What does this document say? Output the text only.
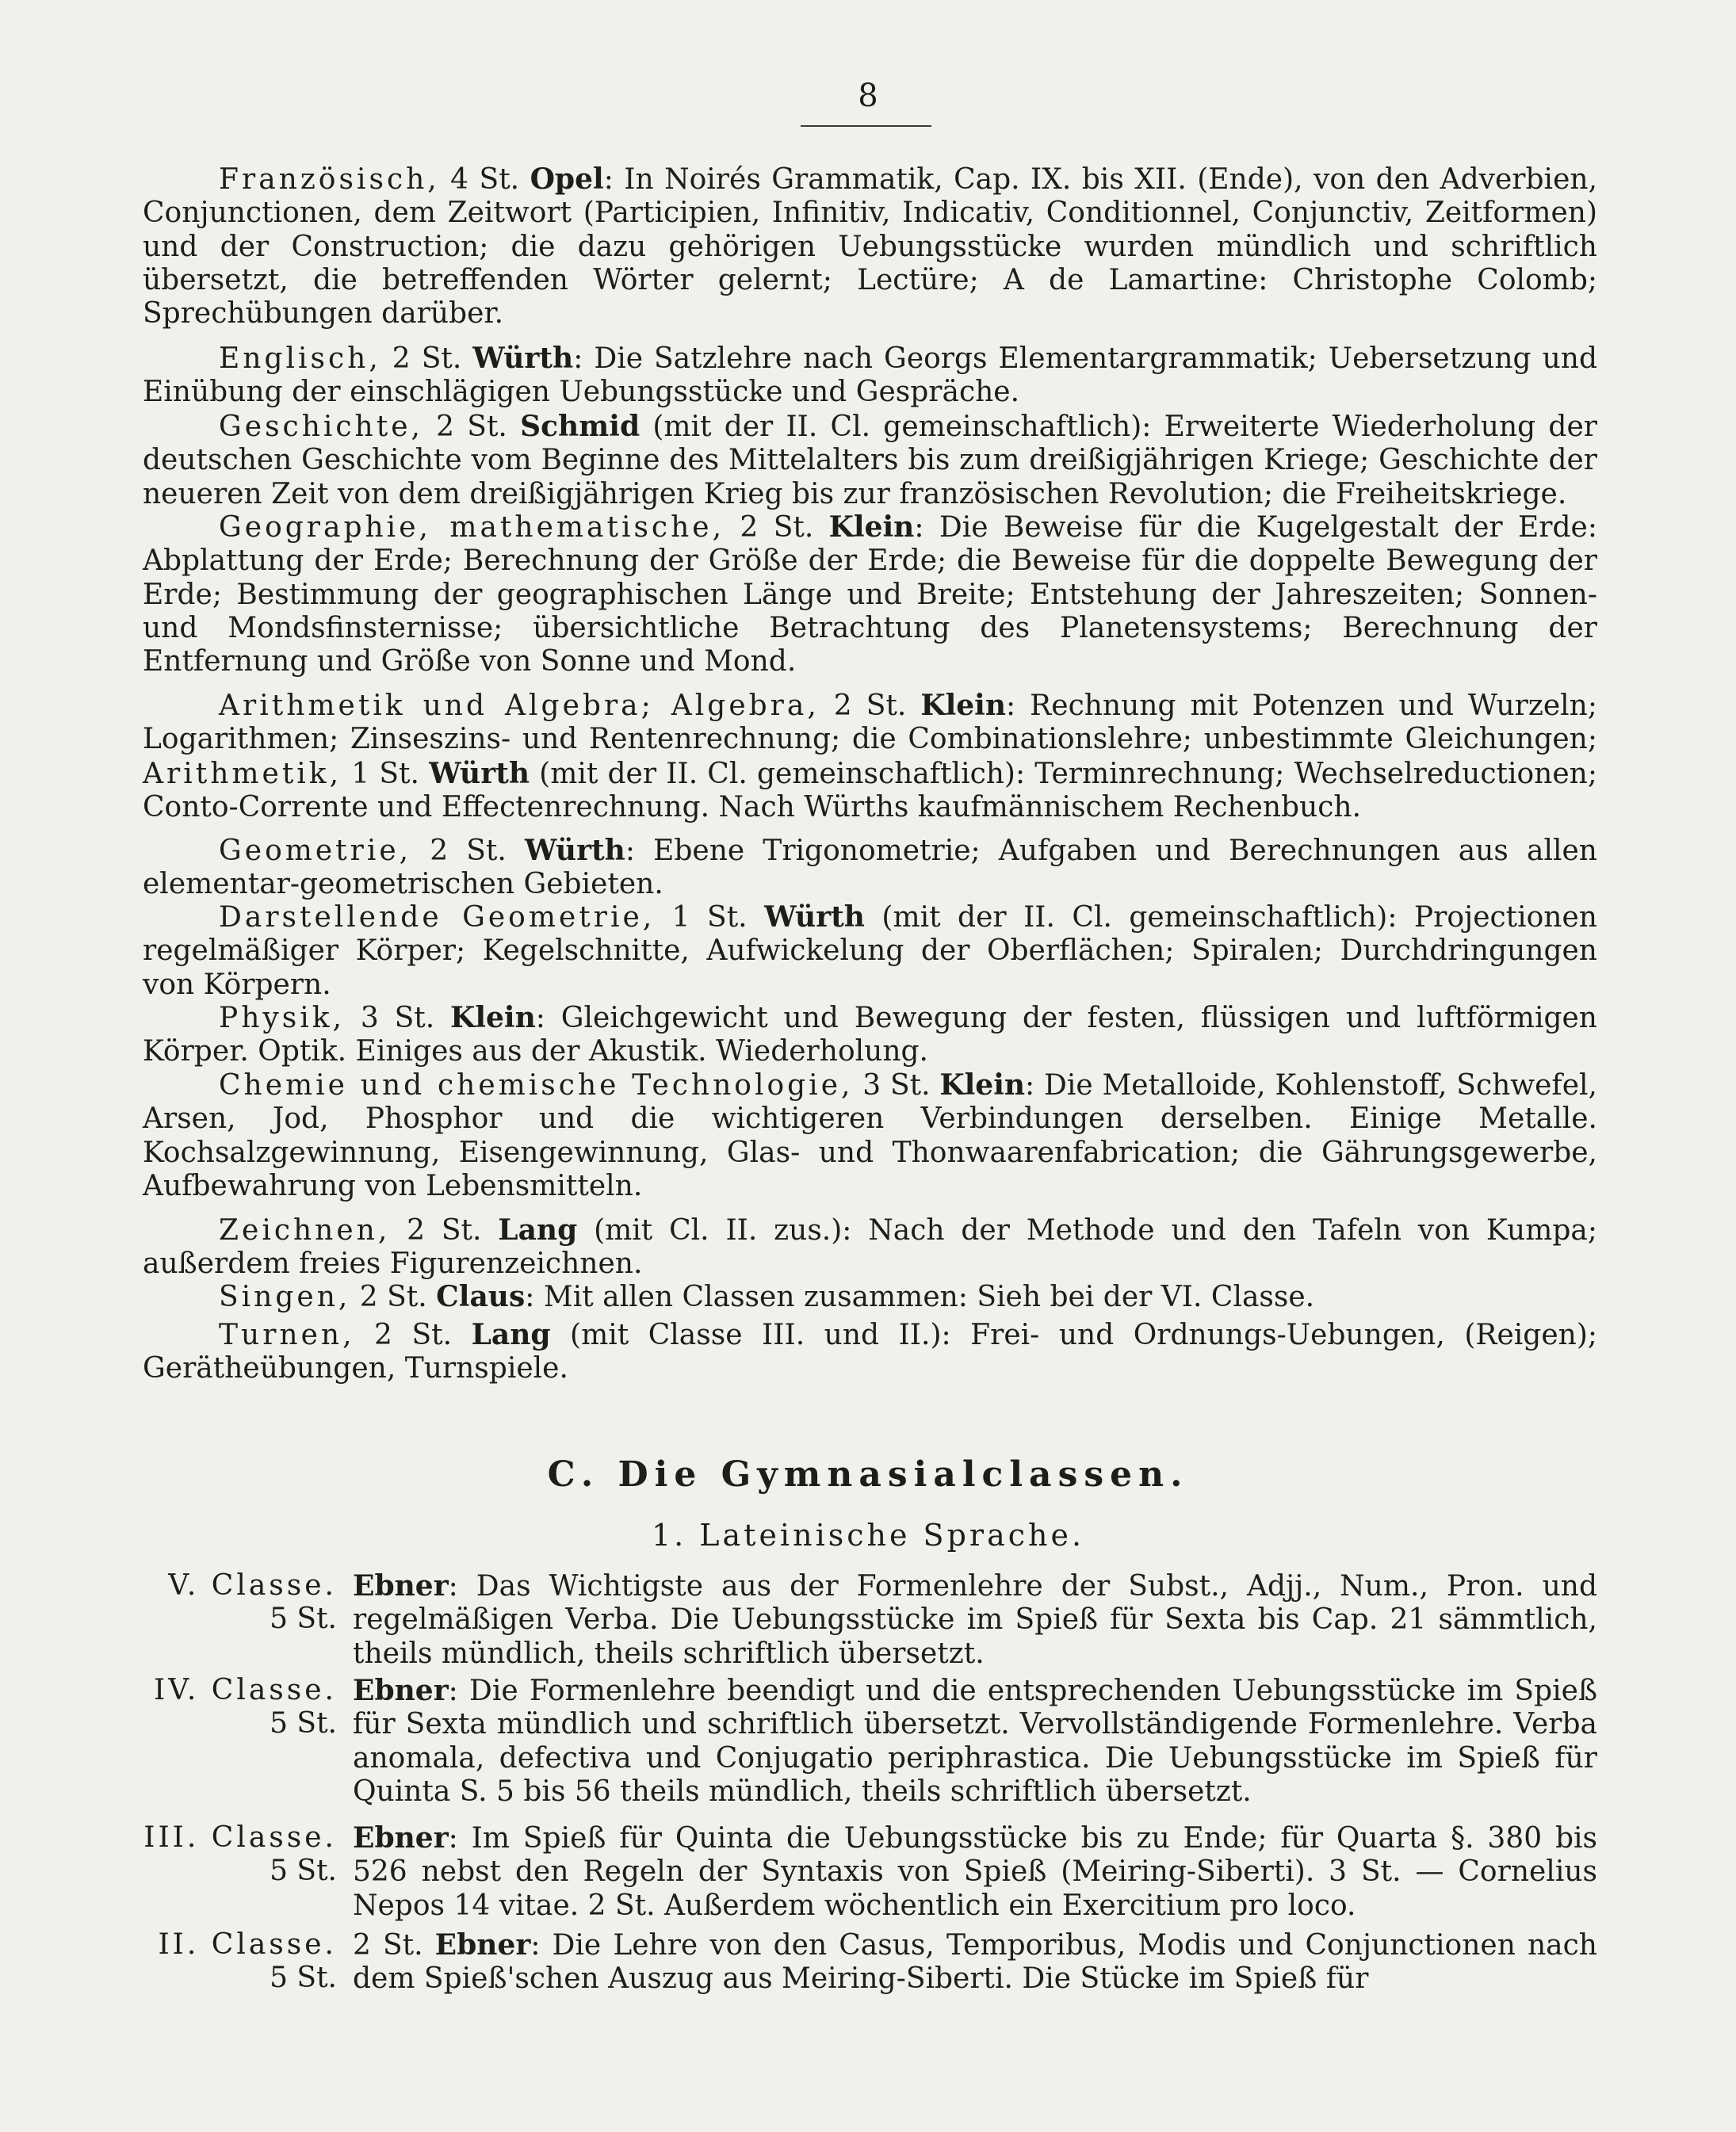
8

Französisch, 4 St. Opel: In Noirés Grammatik, Cap. IX. bis XII. (Ende), von den Adverbien, Conjunctionen, dem Zeitwort (Participien, Infinitiv, Indicativ, Conditionnel, Conjunctiv, Zeitformen) und der Construction; die dazu gehörigen Uebungsstücke wurden mündlich und schriftlich übersetzt, die betreffenden Wörter gelernt; Lectüre; A de Lamartine: Christophe Colomb; Sprechübungen darüber.

Englisch, 2 St. Würth: Die Satzlehre nach Georgs Elementargrammatik; Uebersetzung und Einübung der einschlägigen Uebungsstücke und Gespräche.

Geschichte, 2 St. Schmid (mit der II. Cl. gemeinschaftlich): Erweiterte Wiederholung der deutschen Geschichte vom Beginne des Mittelalters bis zum dreißigjährigen Kriege; Geschichte der neueren Zeit von dem dreißigjährigen Krieg bis zur französischen Revolution; die Freiheitskriege.

Geographie, mathematische, 2 St. Klein: Die Beweise für die Kugelgestalt der Erde: Abplattung der Erde; Berechnung der Größe der Erde; die Beweise für die doppelte Bewegung der Erde; Bestimmung der geographischen Länge und Breite; Entstehung der Jahreszeiten; Sonnen- und Mondsfinsternisse; übersichtliche Betrachtung des Planetensystems; Berechnung der Entfernung und Größe von Sonne und Mond.

Arithmetik und Algebra; Algebra, 2 St. Klein: Rechnung mit Potenzen und Wurzeln; Logarithmen; Zinseszins- und Rentenrechnung; die Combinationslehre; unbestimmte Gleichungen; Arithmetik, 1 St. Würth (mit der II. Cl. gemeinschaftlich): Terminrechnung; Wechselreductionen; Conto-Corrente und Effectenrechnung. Nach Würths kaufmännischem Rechenbuch.

Geometrie, 2 St. Würth: Ebene Trigonometrie; Aufgaben und Berechnungen aus allen elementar-geometrischen Gebieten.

Darstellende Geometrie, 1 St. Würth (mit der II. Cl. gemeinschaftlich): Projectionen regelmäßiger Körper; Kegelschnitte, Aufwickelung der Oberflächen; Spiralen; Durchdringungen von Körpern.

Physik, 3 St. Klein: Gleichgewicht und Bewegung der festen, flüssigen und luftförmigen Körper. Optik. Einiges aus der Akustik. Wiederholung.

Chemie und chemische Technologie, 3 St. Klein: Die Metalloide, Kohlenstoff, Schwefel, Arsen, Jod, Phosphor und die wichtigeren Verbindungen derselben. Einige Metalle. Kochsalzgewinnung, Eisengewinnung, Glas- und Thonwaarenfabrication; die Gährungsgewerbe, Aufbewahrung von Lebensmitteln.

Zeichnen, 2 St. Lang (mit Cl. II. zus.): Nach der Methode und den Tafeln von Kumpa; außerdem freies Figurenzeichnen.

Singen, 2 St. Claus: Mit allen Classen zusammen: Sieh bei der VI. Classe.

Turnen, 2 St. Lang (mit Classe III. und II.): Frei- und Ordnungs-Uebungen, (Reigen); Gerätheübungen, Turnspiele.

C. Die Gymnasialclassen.
1. Lateinische Sprache.
V. Classe.
5 St.
Ebner: Das Wichtigste aus der Formenlehre der Subst., Adjj., Num., Pron. und regelmäßigen Verba. Die Uebungsstücke im Spieß für Sexta bis Cap. 21 sämmtlich, theils mündlich, theils schriftlich übersetzt.
IV. Classe.
5 St.
Ebner: Die Formenlehre beendigt und die entsprechenden Uebungsstücke im Spieß für Sexta mündlich und schriftlich übersetzt. Vervollständigende Formenlehre. Verba anomala, defectiva und Conjugatio periphrastica. Die Uebungsstücke im Spieß für Quinta S. 5 bis 56 theils mündlich, theils schriftlich übersetzt.
III. Classe.
5 St.
Ebner: Im Spieß für Quinta die Uebungsstücke bis zu Ende; für Quarta §. 380 bis 526 nebst den Regeln der Syntaxis von Spieß (Meiring-Siberti). 3 St. — Cornelius Nepos 14 vitae. 2 St. Außerdem wöchentlich ein Exercitium pro loco.
II. Classe.
5 St.
2 St. Ebner: Die Lehre von den Casus, Temporibus, Modis und Conjunctionen nach dem Spieß'schen Auszug aus Meiring-Siberti. Die Stücke im Spieß für
